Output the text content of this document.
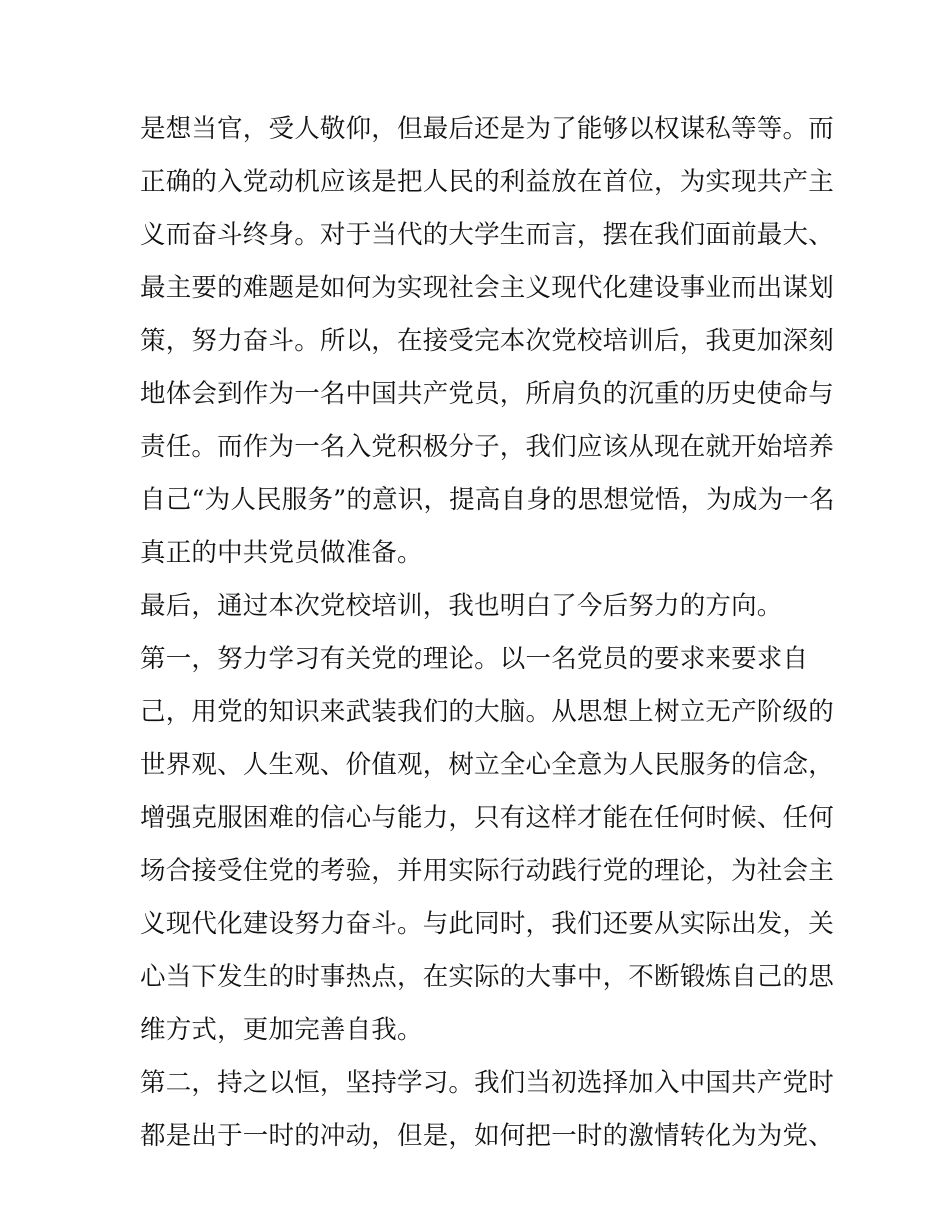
是想当官，受人敬仰，但最后还是为了能够以权谋私等等。而
正确的入党动机应该是把人民的利益放在首位，为实现共产主
义而奋斗终身。对于当代的大学生而言，摆在我们面前最大、
最主要的难题是如何为实现社会主义现代化建设事业而出谋划
策，努力奋斗。所以，在接受完本次党校培训后，我更加深刻
地体会到作为一名中国共产党员，所肩负的沉重的历史使命与
责任。而作为一名入党积极分子，我们应该从现在就开始培养
自己“为人民服务”的意识，提高自身的思想觉悟，为成为一名
真正的中共党员做准备。
最后，通过本次党校培训，我也明白了今后努力的方向。
第一，努力学习有关党的理论。以一名党员的要求来要求自
己，用党的知识来武装我们的大脑。从思想上树立无产阶级的
世界观、人生观、价值观，树立全心全意为人民服务的信念，
增强克服困难的信心与能力，只有这样才能在任何时候、任何
场合接受住党的考验，并用实际行动践行党的理论，为社会主
义现代化建设努力奋斗。与此同时，我们还要从实际出发，关
心当下发生的时事热点，在实际的大事中，不断锻炼自己的思
维方式，更加完善自我。
第二，持之以恒，坚持学习。我们当初选择加入中国共产党时
都是出于一时的冲动，但是，如何把一时的激情转化为为党、
